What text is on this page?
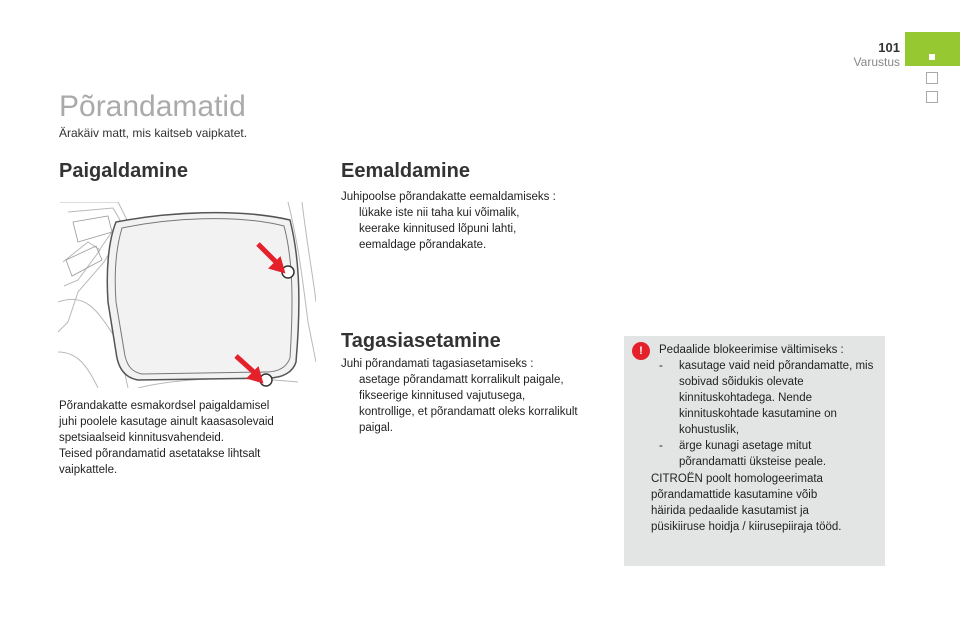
101
Varustus
Põrandamatid
Ärakäiv matt, mis kaitseb vaipkatet.
Paigaldamine	Eemaldamine
Tagasiasetamine
Põrandakatte esmakordsel paigaldamisel
juhi poolele kasutage ainult kaasasolevaid
spetsiaalseid kinnitusvahendeid.
Teised põrandamatid asetatakse lihtsalt
vaipkattele.
Juhipoolse põrandakatte eemaldamiseks :
lükake iste nii taha kui võimalik,
keerake kinnitused lõpuni lahti,
eemaldage põrandakate.
Juhi põrandamati tagasiasetamiseks :
asetage põrandamatt korralikult paigale,
fikseerige kinnitused vajutusega,
kontrollige, et põrandamatt oleks korralikult paigal.
!	Pedaalide blokeerimise vältimiseks :
- kasutage vaid neid põrandamatte, mis sobivad sõidukis olevate kinnituskohtadega. Nende kinnituskohtade kasutamine on kohustuslik,
- ärge kunagi asetage mitut põrandamatti üksteise peale.
CITROËN poolt homologeerimata
põrandamattide kasutamine võib
häirida pedaalide kasutamist ja
püsikiiruse hoidja / kiirusepiiraja tööd.
